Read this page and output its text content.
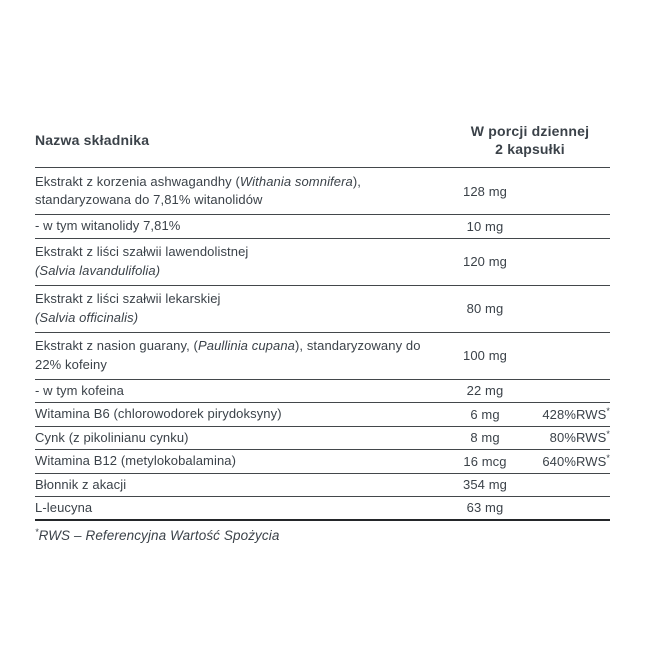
Nazwa składnika
W porcji dziennej
2 kapsułki
Ekstrakt z korzenia ashwagandhy (Withania somnifera),
standaryzowana do 7,81% witanolidów
128 mg
- w tym witanolidy 7,81%	10 mg
Ekstrakt z liści szałwii lawendolistnej
(Salvia lavandulifolia)
120 mg
Ekstrakt z liści szałwii lekarskiej
(Salvia officinalis)
80 mg
Ekstrakt z nasion guarany, (Paullinia cupana), standaryzowany do
22% kofeiny
100 mg
- w tym kofeina	22 mg
Witamina B6 (chlorowodorek pirydoksyny)	6 mg	428%RWS*
Cynk (z pikolinianu cynku)	8 mg	80%RWS*
Witamina B12 (metylokobalamina)	16 mcg	640%RWS*
Błonnik z akacji	354 mg
L-leucyna	63 mg
*RWS – Referencyjna Wartość Spożycia
